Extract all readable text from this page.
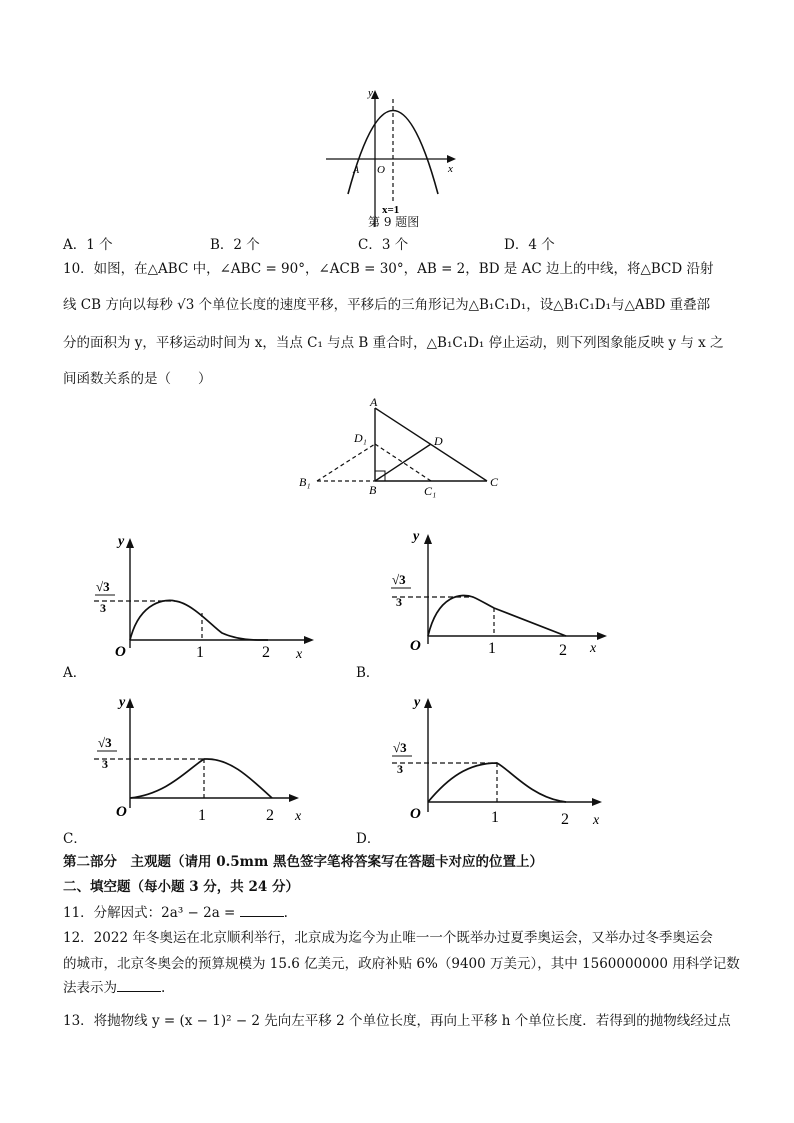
y
x
O
A
x=1
第 9 题图
A．1 个	B．2 个	C．3 个	D．4 个
10．如图，在△ABC 中，∠ABC = 90°，∠ACB = 30°，AB = 2，BD 是 AC 边上的中线，将△BCD 沿射
线 CB 方向以每秒 √3 个单位长度的速度平移，平移后的三角形记为△B₁C₁D₁，设△B₁C₁D₁与△ABD 重叠部
分的面积为 y，平移运动时间为 x，当点 C₁ 与点 B 重合时，△B₁C₁D₁ 停止运动，则下列图象能反映 y 与 x 之
间函数关系的是（　　）
A
D₁	D
B₁
B	C₁
C
y
x
O
√3
3
1	2
A．
y
x
O
√3
3
1	2
B．
y
x
O
√3
3
1	2
C．
y
x
O
√3
3
1	2
D．
第二部分　主观题（请用 0.5mm 黑色签字笔将答案写在答题卡对应的位置上）
二、填空题（每小题 3 分，共 24 分）
11．分解因式：2a³ − 2a =	.
12．2022 年冬奥运在北京顺利举行，北京成为迄今为止唯一一个既举办过夏季奥运会，又举办过冬季奥运会
的城市，北京冬奥会的预算规模为 15.6 亿美元，政府补贴 6%（9400 万美元），其中 1560000000 用科学记数
法表示为	.
13．将抛物线 y = (x − 1)² − 2 先向左平移 2 个单位长度，再向上平移 h 个单位长度．若得到的抛物线经过点
